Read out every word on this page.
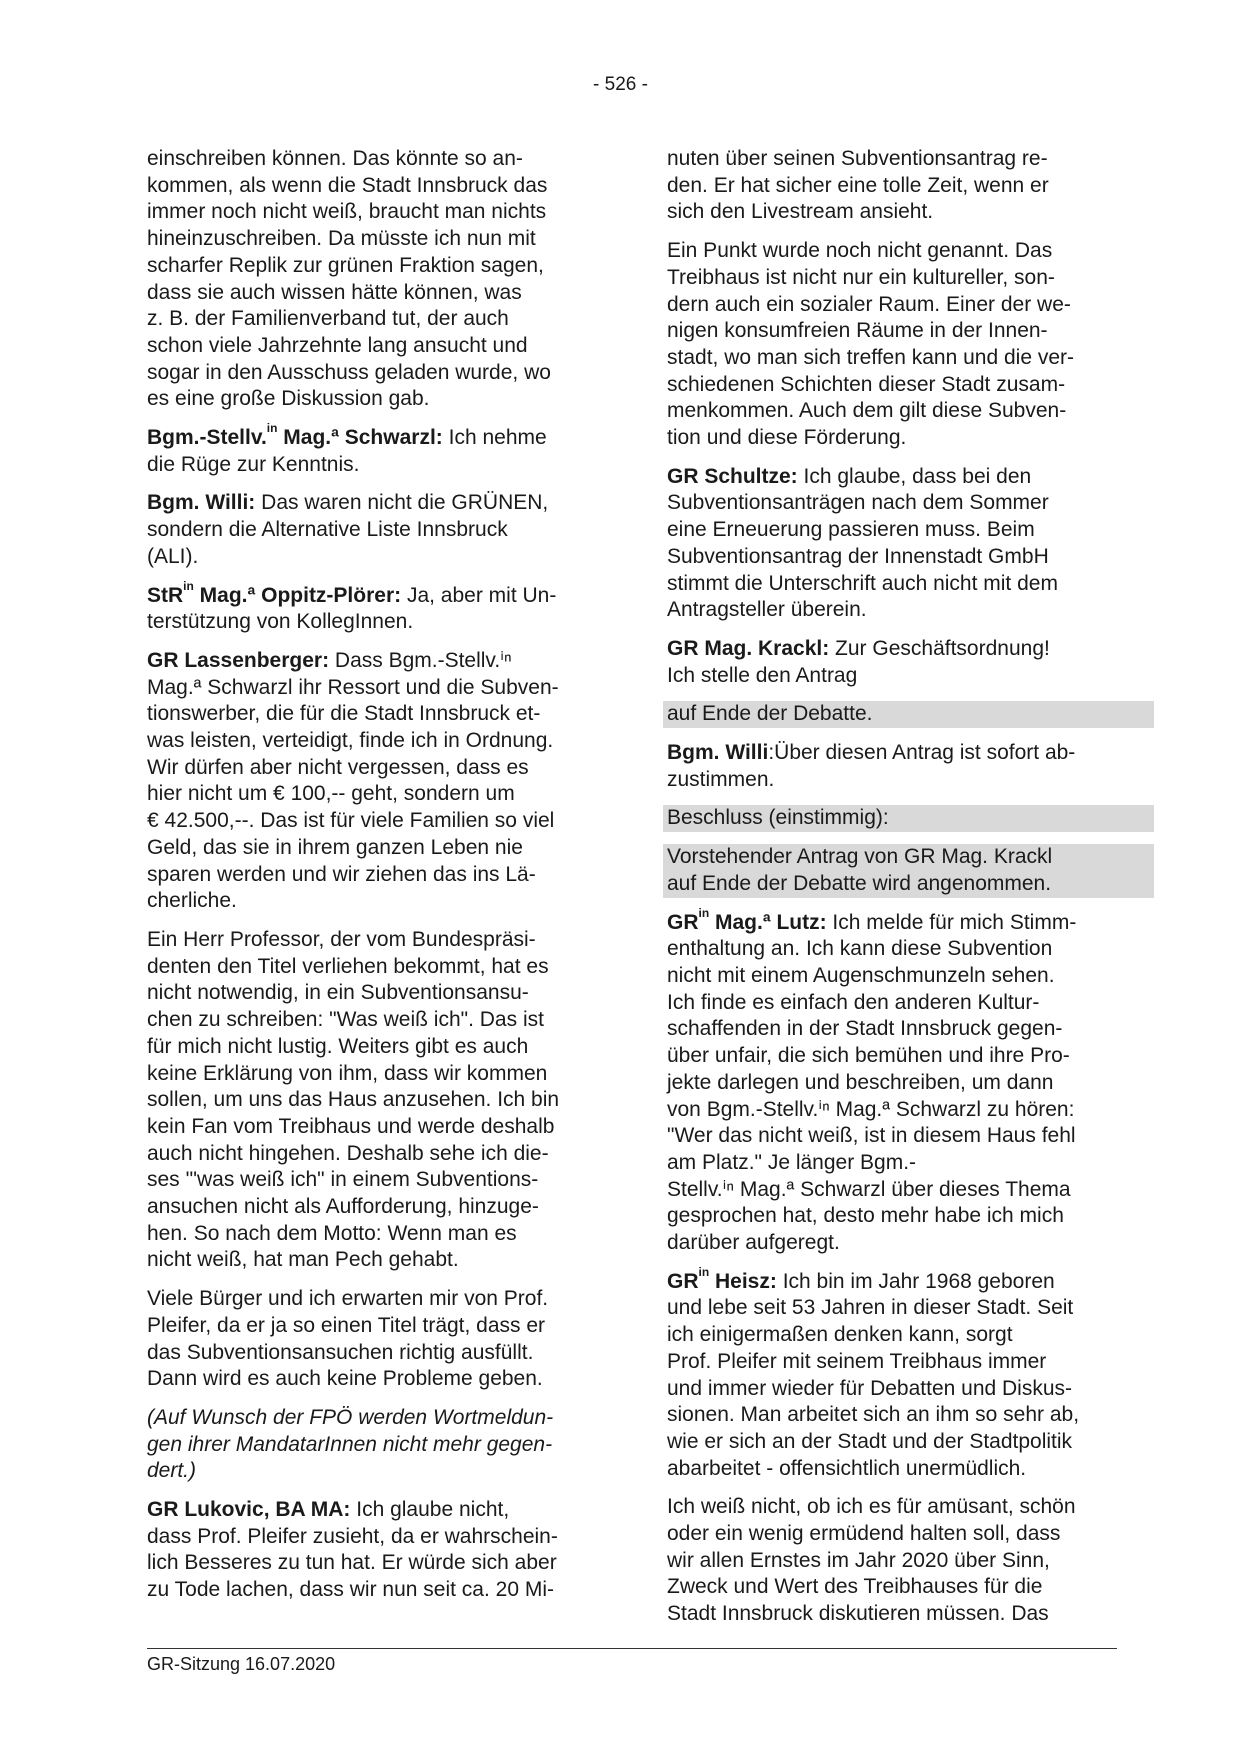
- 526 -
einschreiben können. Das könnte so an-
kommen, als wenn die Stadt Innsbruck das
immer noch nicht weiß, braucht man nichts
hineinzuschreiben. Da müsste ich nun mit
scharfer Replik zur grünen Fraktion sagen,
dass sie auch wissen hätte können, was
z. B. der Familienverband tut, der auch
schon viele Jahrzehnte lang ansucht und
sogar in den Ausschuss geladen wurde, wo
es eine große Diskussion gab.
Bgm.-Stellv.$^{in}$ Mag.ª Schwarzl: Ich nehme
die Rüge zur Kenntnis.
Bgm. Willi: Das waren nicht die GRÜNEN,
sondern die Alternative Liste Innsbruck
(ALI).
StR$^{in}$ Mag.ª Oppitz-Plörer: Ja, aber mit Un-
terstützung von KollegInnen.
GR Lassenberger: Dass Bgm.-Stellv.ⁱⁿ
Mag.ª Schwarzl ihr Ressort und die Subven-
tionswerber, die für die Stadt Innsbruck et-
was leisten, verteidigt, finde ich in Ordnung.
Wir dürfen aber nicht vergessen, dass es
hier nicht um € 100,-- geht, sondern um
€ 42.500,--. Das ist für viele Familien so viel
Geld, das sie in ihrem ganzen Leben nie
sparen werden und wir ziehen das ins Lä-
cherliche.
Ein Herr Professor, der vom Bundespräsi-
denten den Titel verliehen bekommt, hat es
nicht notwendig, in ein Subventionsansu-
chen zu schreiben: "Was weiß ich". Das ist
für mich nicht lustig. Weiters gibt es auch
keine Erklärung von ihm, dass wir kommen
sollen, um uns das Haus anzusehen. Ich bin
kein Fan vom Treibhaus und werde deshalb
auch nicht hingehen. Deshalb sehe ich die-
ses '"was weiß ich" in einem Subventions-
ansuchen nicht als Aufforderung, hinzuge-
hen. So nach dem Motto: Wenn man es
nicht weiß, hat man Pech gehabt.
Viele Bürger und ich erwarten mir von Prof.
Pleifer, da er ja so einen Titel trägt, dass er
das Subventionsansuchen richtig ausfüllt.
Dann wird es auch keine Probleme geben.
(Auf Wunsch der FPÖ werden Wortmeldun-
gen ihrer MandatarInnen nicht mehr gegen-
dert.)
GR Lukovic, BA MA: Ich glaube nicht,
dass Prof. Pleifer zusieht, da er wahrschein-
lich Besseres zu tun hat. Er würde sich aber
zu Tode lachen, dass wir nun seit ca. 20 Mi-
nuten über seinen Subventionsantrag re-
den. Er hat sicher eine tolle Zeit, wenn er
sich den Livestream ansieht.
Ein Punkt wurde noch nicht genannt. Das
Treibhaus ist nicht nur ein kultureller, son-
dern auch ein sozialer Raum. Einer der we-
nigen konsumfreien Räume in der Innen-
stadt, wo man sich treffen kann und die ver-
schiedenen Schichten dieser Stadt zusam-
menkommen. Auch dem gilt diese Subven-
tion und diese Förderung.
GR Schultze: Ich glaube, dass bei den
Subventionsanträgen nach dem Sommer
eine Erneuerung passieren muss. Beim
Subventionsantrag der Innenstadt GmbH
stimmt die Unterschrift auch nicht mit dem
Antragsteller überein.
GR Mag. Krackl: Zur Geschäftsordnung!
Ich stelle den Antrag
auf Ende der Debatte.
Bgm. Willi:Über diesen Antrag ist sofort ab-
zustimmen.
Beschluss (einstimmig):
Vorstehender Antrag von GR Mag. Krackl
auf Ende der Debatte wird angenommen.
$GR^{in}$ Mag.ª Lutz: Ich melde für mich Stimm-
enthaltung an. Ich kann diese Subvention
nicht mit einem Augenschmunzeln sehen.
Ich finde es einfach den anderen Kultur-
schaffenden in der Stadt Innsbruck gegen-
über unfair, die sich bemühen und ihre Pro-
jekte darlegen und beschreiben, um dann
von Bgm.-Stellv.ⁱⁿ Mag.ª Schwarzl zu hören:
"Wer das nicht weiß, ist in diesem Haus fehl
am Platz." Je länger Bgm.-
Stellv.ⁱⁿ Mag.ª Schwarzl über dieses Thema
gesprochen hat, desto mehr habe ich mich
darüber aufgeregt.
$GR^{in}$ Heisz: Ich bin im Jahr 1968 geboren
und lebe seit 53 Jahren in dieser Stadt. Seit
ich einigermaßen denken kann, sorgt
Prof. Pleifer mit seinem Treibhaus immer
und immer wieder für Debatten und Diskus-
sionen. Man arbeitet sich an ihm so sehr ab,
wie er sich an der Stadt und der Stadtpolitik
abarbeitet - offensichtlich unermüdlich.
Ich weiß nicht, ob ich es für amüsant, schön
oder ein wenig ermüdend halten soll, dass
wir allen Ernstes im Jahr 2020 über Sinn,
Zweck und Wert des Treibhauses für die
Stadt Innsbruck diskutieren müssen. Das
GR-Sitzung 16.07.2020
